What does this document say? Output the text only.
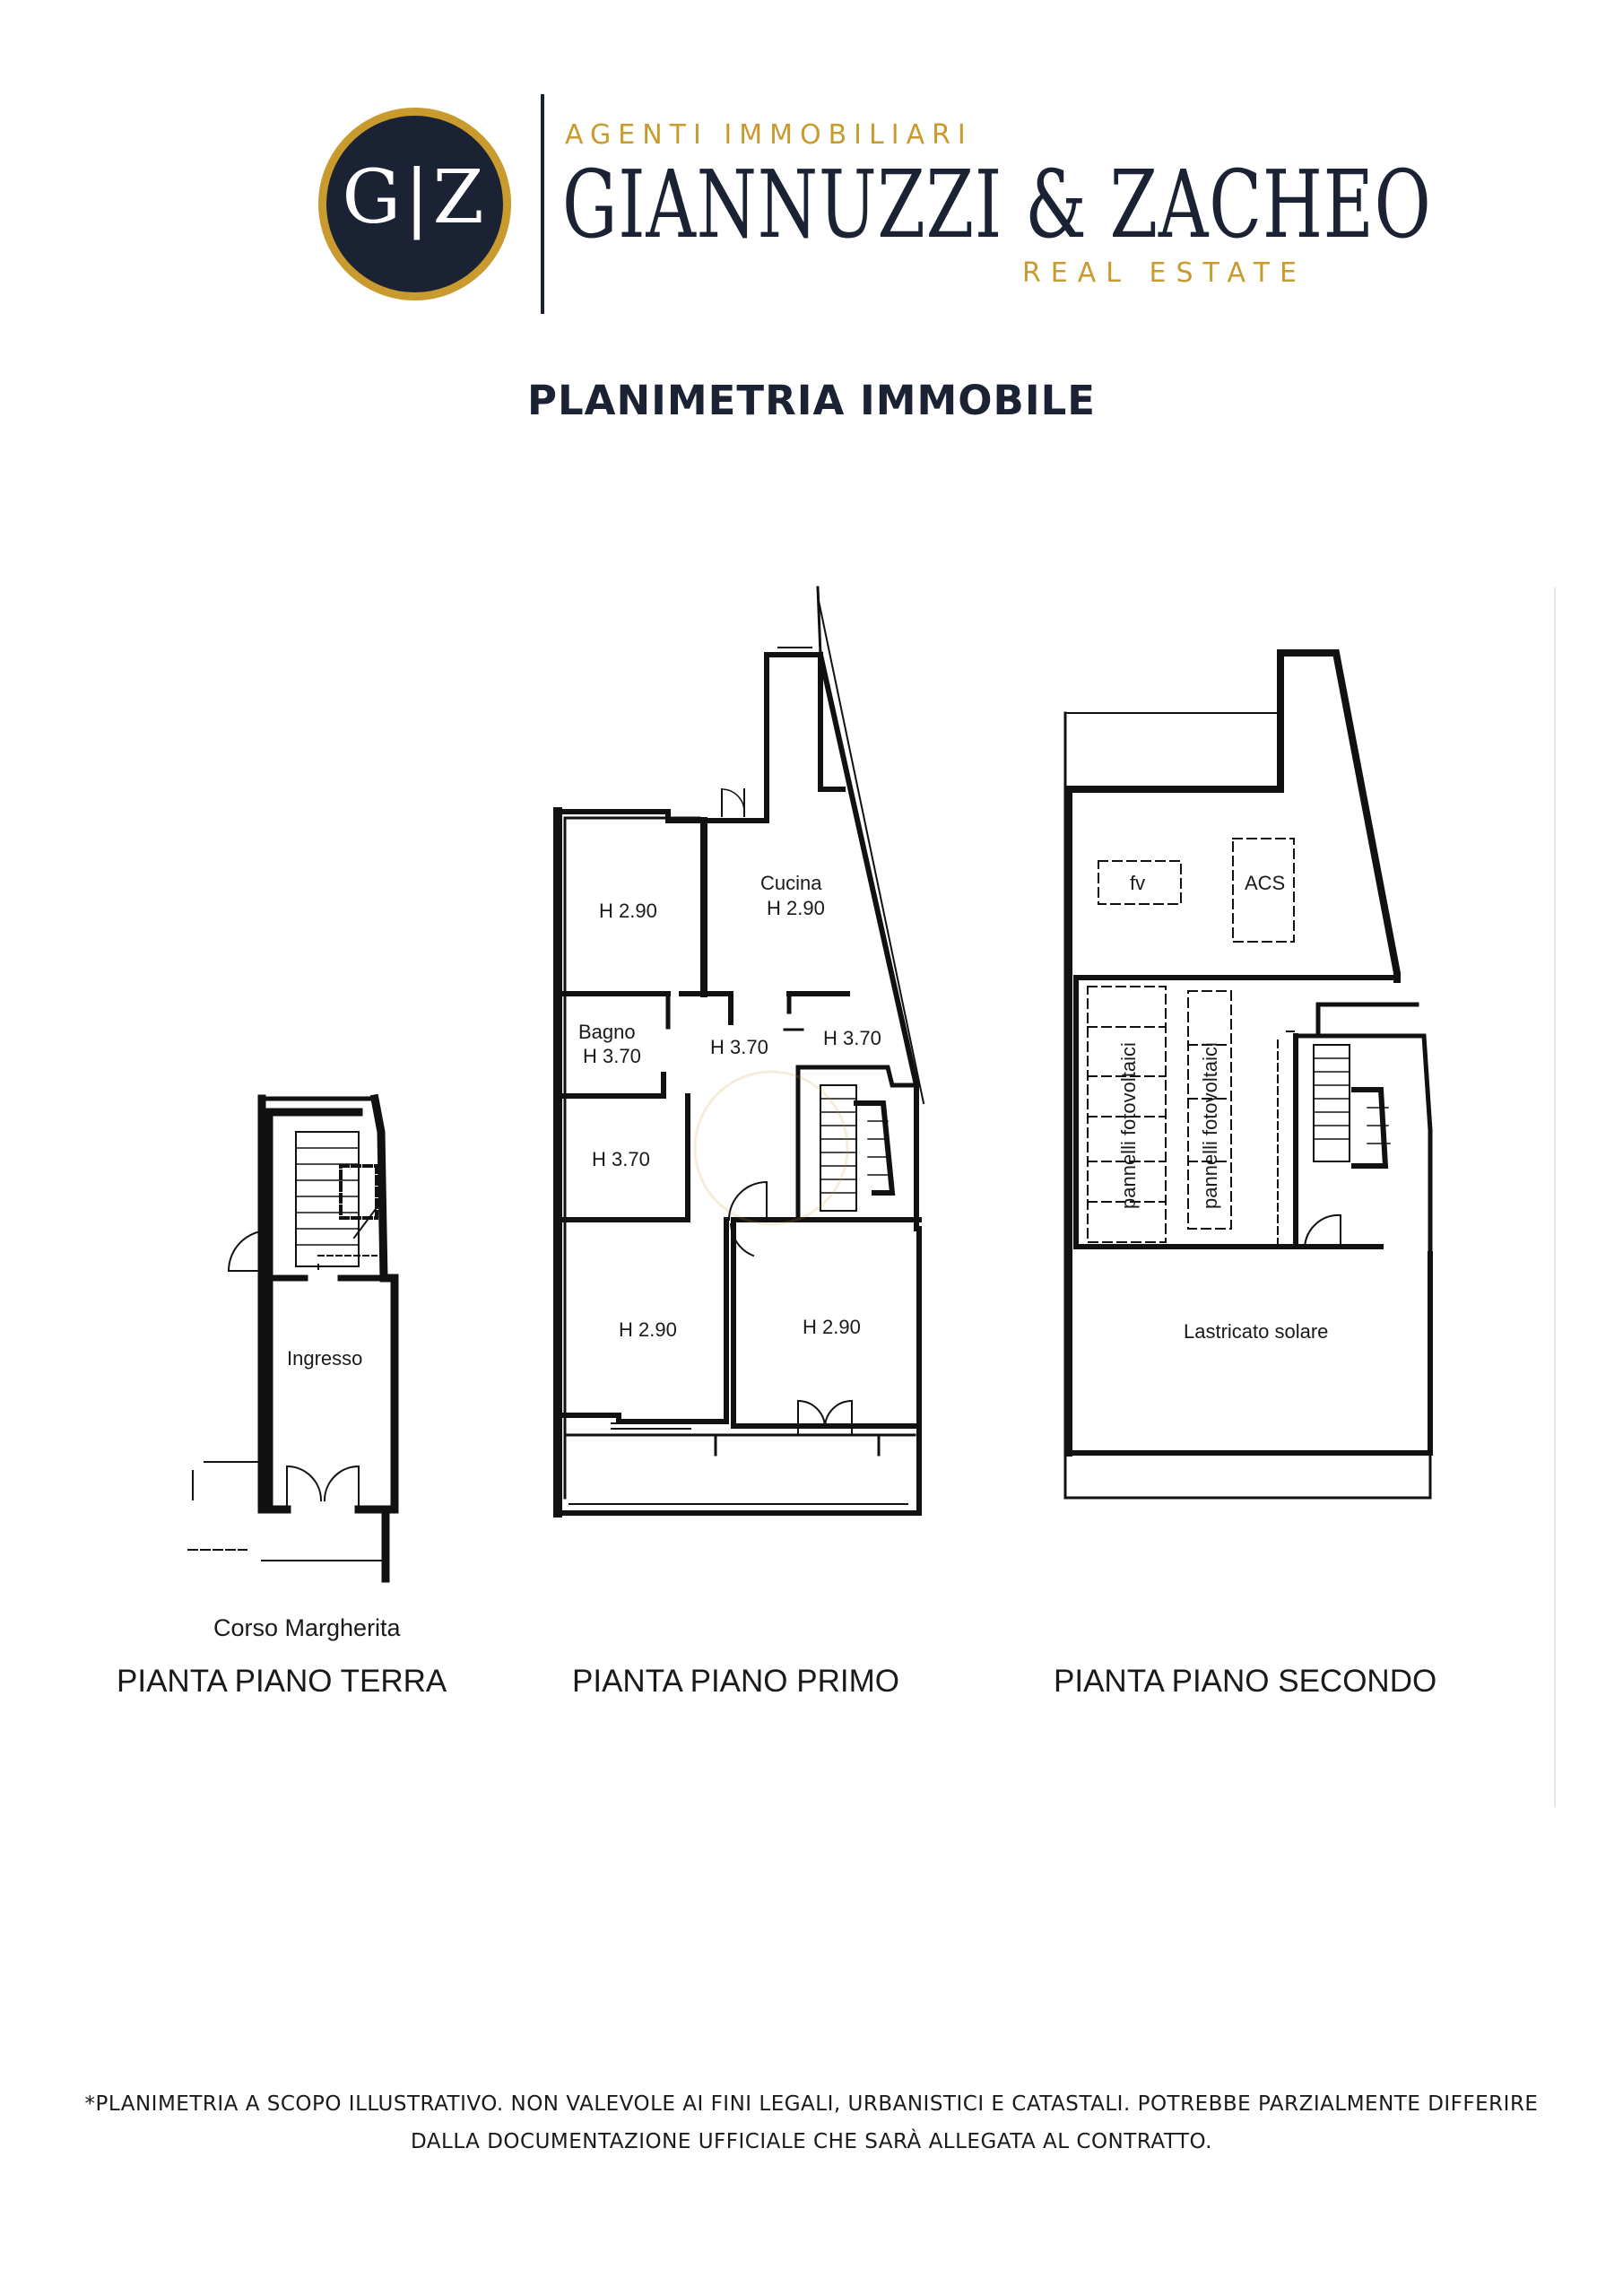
G|Z
AGENTI IMMOBILIARI
GIANNUZZI & ZACHEO
REAL ESTATE
PLANIMETRIA IMMOBILE
Ingresso
H 2.90
Cucina
H 2.90
Bagno
H 3.70	H 3.70	H 3.70
H 3.70
H 2.90	H 2.90
fv	ACS
pannelli fotovoltaici	pannelli fotovoltaici
Lastricato solare
Corso Margherita
PIANTA PIANO TERRA	PIANTA PIANO PRIMO	PIANTA PIANO SECONDO
*PLANIMETRIA A SCOPO ILLUSTRATIVO. NON VALEVOLE AI FINI LEGALI, URBANISTICI E CATASTALI. POTREBBE PARZIALMENTE DIFFERIRE
DALLA DOCUMENTAZIONE UFFICIALE CHE SARÀ ALLEGATA AL CONTRATTO.
